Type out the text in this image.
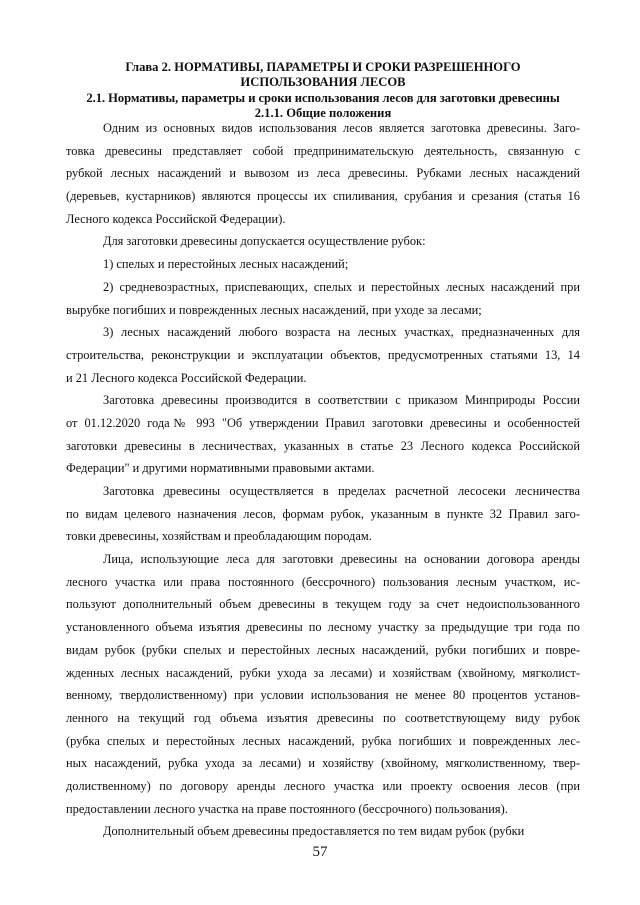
Глава 2. НОРМАТИВЫ, ПАРАМЕТРЫ И СРОКИ РАЗРЕШЕННОГО
ИСПОЛЬЗОВАНИЯ ЛЕСОВ
2.1. Нормативы, параметры и сроки использования лесов для заготовки древесины
2.1.1. Общие положения
Одним из основных видов использования лесов является заготовка древесины. Заго-
товка древесины представляет собой предпринимательскую деятельность, связанную с
рубкой лесных насаждений и вывозом из леса древесины. Рубками лесных насаждений
(деревьев, кустарников) являются процессы их спиливания, срубания и срезания (статья 16
Лесного кодекса Российской Федерации).
Для заготовки древесины допускается осуществление рубок:
1) спелых и перестойных лесных насаждений;
2) средневозрастных, приспевающих, спелых и перестойных лесных насаждений при
вырубке погибших и поврежденных лесных насаждений, при уходе за лесами;
3) лесных насаждений любого возраста на лесных участках, предназначенных для
строительства, реконструкции и эксплуатации объектов, предусмотренных статьями 13, 14
и 21 Лесного кодекса Российской Федерации.
Заготовка древесины производится в соответствии с приказом Минприроды России
от 01.12.2020 года№ 993 "Об утверждении Правил заготовки древесины и особенностей
заготовки древесины в лесничествах, указанных в статье 23 Лесного кодекса Российской
Федерации" и другими нормативными правовыми актами.
Заготовка древесины осуществляется в пределах расчетной лесосеки лесничества
по видам целевого назначения лесов, формам рубок, указанным в пункте 32 Правил заго-
товки древесины, хозяйствам и преобладающим породам.
Лица, использующие леса для заготовки древесины на основании договора аренды
лесного участка или права постоянного (бессрочного) пользования лесным участком, ис-
пользуют дополнительный объем древесины в текущем году за счет недоиспользованного
установленного объема изъятия древесины по лесному участку за предыдущие три года по
видам рубок (рубки спелых и перестойных лесных насаждений, рубки погибших и повре-
жденных лесных насаждений, рубки ухода за лесами) и хозяйствам (хвойному, мягколист-
венному, твердолиственному) при условии использования не менее 80 процентов установ-
ленного на текущий год объема изъятия древесины по соответствующему виду рубок
(рубка спелых и перестойных лесных насаждений, рубка погибших и поврежденных лес-
ных насаждений, рубка ухода за лесами) и хозяйству (хвойному, мягколиственному, твер-
долиственному) по договору аренды лесного участка или проекту освоения лесов (при
предоставлении лесного участка на праве постоянного (бессрочного) пользования).
Дополнительный объем древесины предоставляется по тем видам рубок (рубки
57
